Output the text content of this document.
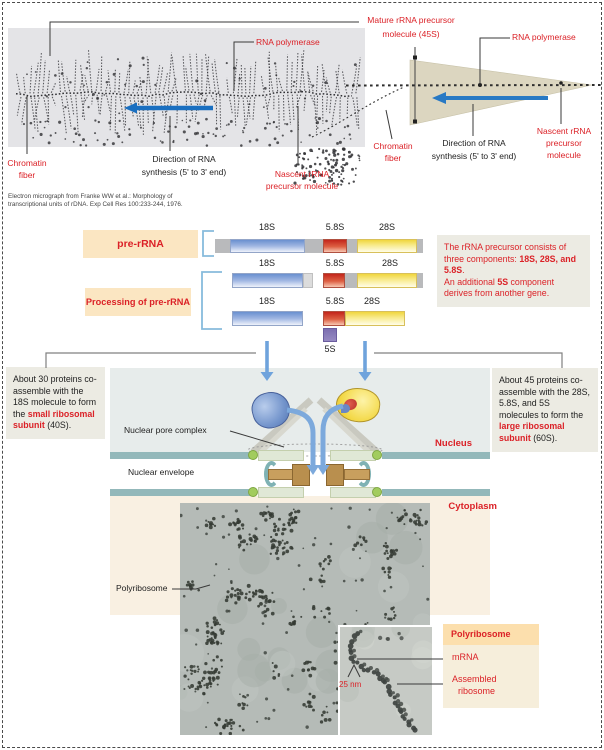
pre-rRNA
Processing of pre-rRNA
The rRNA precursor consists of three components: 18S, 28S, and 5.8S.
An additional 5S component derives from another gene.
About 30 proteins co-assemble with the 18S molecule to form the small ribosomal subunit (40S).
About 45 proteins co-assemble with the 28S, 5.8S, and 5S molecules to form the large ribosomal subunit (60S).
Polyribosome
Mature rRNA precursor
molecule (45S)
RNA polymerase	RNA polymerase
Chromatin
fiber
Direction of RNA
synthesis (5' to 3' end)	Nascent rRNA
precursor molecule
Electron micrograph from Franke WW et al.: Morphology of
transcriptional units of rDNA. Exp Cell Res 100:233-244, 1976.
Chromatin
fiber
Direction of RNA
synthesis (5' to 3' end)
Nascent rRNA
precursor
molecule
18S	5.8S	28S
18S	5.8S	28S
18S	5.8S 28S
5S
Nuclear pore complex
Nuclear envelope
Nucleus
Cytoplasm
Polyribosome
mRNA
Assembled
ribosome
25 nm
